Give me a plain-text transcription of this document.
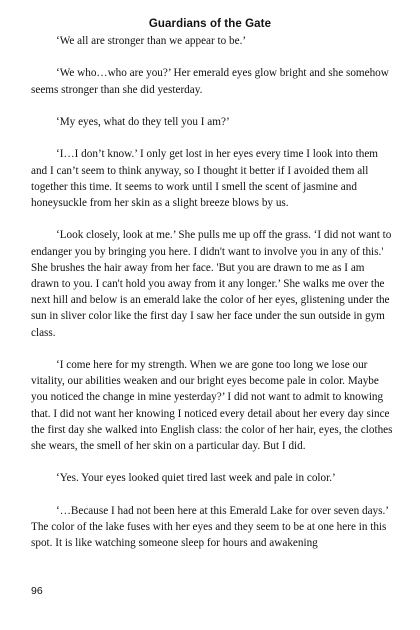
Guardians of the Gate

‘We all are stronger than we appear to be.’

‘We who…who are you?’ Her emerald eyes glow bright and she somehow seems stronger than she did yesterday.

‘My eyes, what do they tell you I am?’

‘I…I don’t know.’ I only get lost in her eyes every time I look into them and I can’t seem to think anyway, so I thought it better if I avoided them all together this time. It seems to work until I smell the scent of jasmine and honeysuckle from her skin as a slight breeze blows by us.

‘Look closely, look at me.’ She pulls me up off the grass. ‘I did not want to endanger you by bringing you here. I didn't want to involve you in any of this.' She brushes the hair away from her face. 'But you are drawn to me as I am drawn to you. I can't hold you away from it any longer.’ She walks me over the next hill and below is an emerald lake the color of her eyes, glistening under the sun in sliver color like the first day I saw her face under the sun outside in gym class.

‘I come here for my strength. When we are gone too long we lose our vitality, our abilities weaken and our bright eyes become pale in color. Maybe you noticed the change in mine yesterday?’ I did not want to admit to knowing that. I did not want her knowing I noticed every detail about her every day since the first day she walked into English class: the color of her hair, eyes, the clothes she wears, the smell of her skin on a particular day. But I did.

‘Yes. Your eyes looked quiet tired last week and pale in color.’

‘…Because I had not been here at this Emerald Lake for over seven days.’ The color of the lake fuses with her eyes and they seem to be at one here in this spot. It is like watching someone sleep for hours and awakening

96
